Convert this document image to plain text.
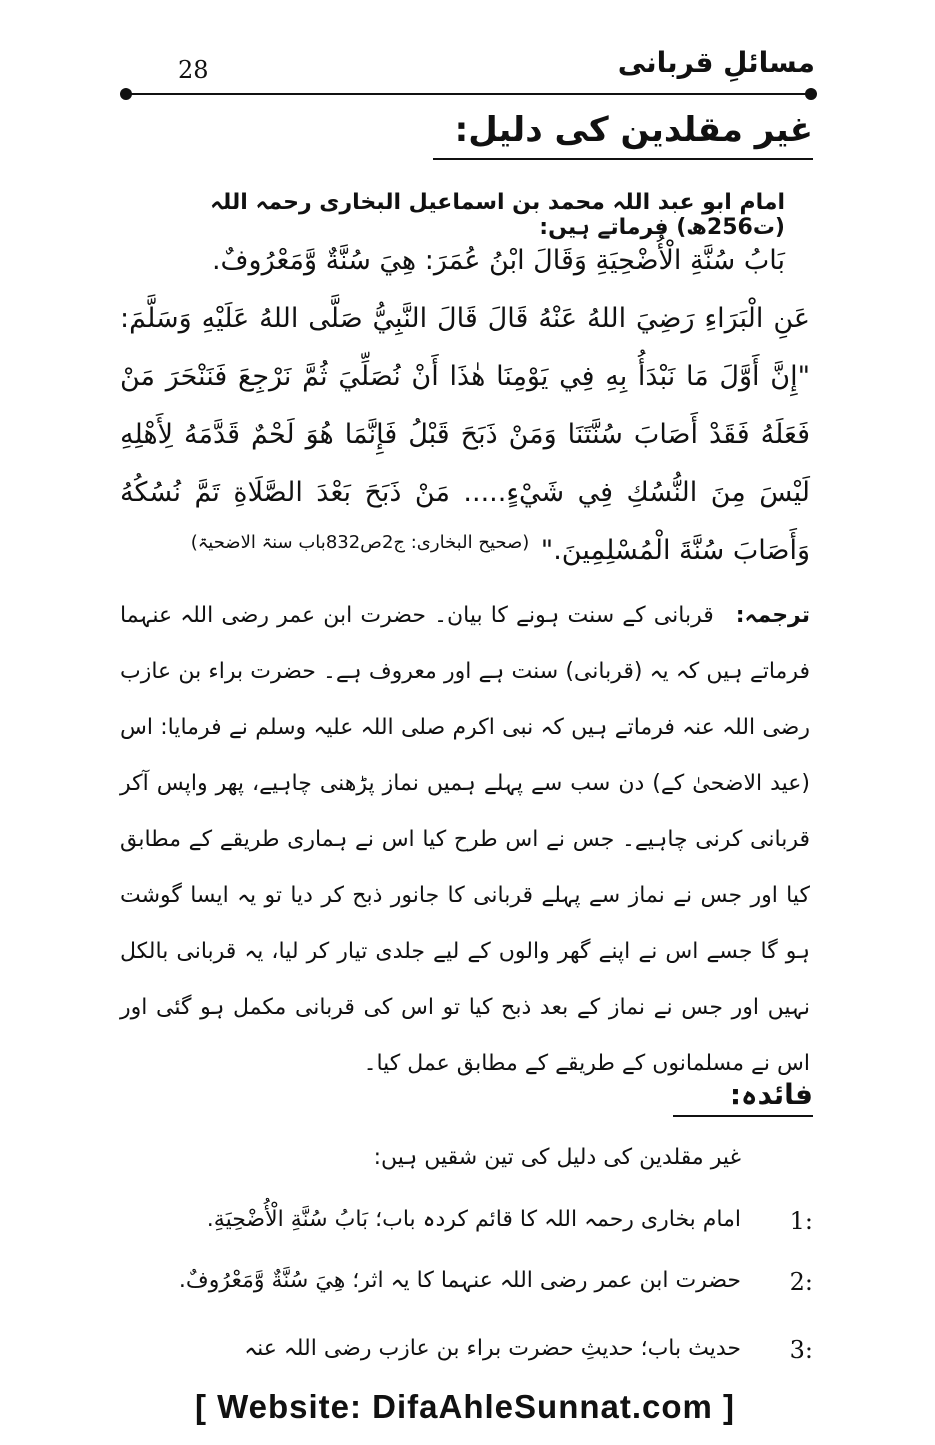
مسائلِ قربانی
28
غیر مقلدین کی دلیل:
امام ابو عبد اللہ محمد بن اسماعیل البخاری رحمہ اللہ (ت256ھ) فرماتے ہیں:
بَابُ سُنَّةِ الْأُضْحِيَةِ وَقَالَ ابْنُ عُمَرَ: هِيَ سُنَّةٌ وَّمَعْرُوفٌ.
عَنِ الْبَرَاءِ رَضِيَ اللهُ عَنْهُ قَالَ قَالَ النَّبِيُّ صَلَّى اللهُ عَلَيْهِ وَسَلَّمَ: "إِنَّ أَوَّلَ مَا نَبْدَأُ بِهِ فِي يَوْمِنَا هٰذَا أَنْ نُصَلِّيَ ثُمَّ نَرْجِعَ فَنَنْحَرَ مَنْ فَعَلَهُ فَقَدْ أَصَابَ سُنَّتَنَا وَمَنْ ذَبَحَ قَبْلُ فَإِنَّمَا هُوَ لَحْمٌ قَدَّمَهُ لِأَهْلِهِ لَيْسَ مِنَ النُّسُكِ فِي شَيْءٍ..... مَنْ ذَبَحَ بَعْدَ الصَّلَاةِ تَمَّ نُسُكُهُ وَأَصَابَ سُنَّةَ الْمُسْلِمِينَ."
(صحیح البخاری: ج2ص832باب سنۃ الاضحیۃ)
ترجمہ:قربانی کے سنت ہونے کا بیان۔ حضرت ابن عمر رضی اللہ عنہما فرماتے ہیں کہ یہ (قربانی) سنت ہے اور معروف ہے۔ حضرت براء بن عازب رضی اللہ عنہ فرماتے ہیں کہ نبی اکرم صلی اللہ علیہ وسلم نے فرمایا: اس (عید الاضحیٰ کے) دن سب سے پہلے ہمیں نماز پڑھنی چاہیے، پھر واپس آکر قربانی کرنی چاہیے۔ جس نے اس طرح کیا اس نے ہماری طریقے کے مطابق کیا اور جس نے نماز سے پہلے قربانی کا جانور ذبح کر دیا تو یہ ایسا گوشت ہو گا جسے اس نے اپنے گھر والوں کے لیے جلدی تیار کر لیا، یہ قربانی بالکل نہیں اور جس نے نماز کے بعد ذبح کیا تو اس کی قربانی مکمل ہو گئی اور اس نے مسلمانوں کے طریقے کے مطابق عمل کیا۔
فائدہ:
غیر مقلدین کی دلیل کی تین شقیں ہیں:
1:
امام بخاری رحمہ اللہ کا قائم کردہ باب؛ بَابُ سُنَّةِ الْأُضْحِيَةِ.
2:
حضرت ابن عمر رضی اللہ عنہما کا یہ اثر؛ هِيَ سُنَّةٌ وَّمَعْرُوفٌ.
3:
حدیث باب؛ حدیثِ حضرت براء بن عازب رضی اللہ عنہ
[ Website: DifaAhleSunnat.com ]
